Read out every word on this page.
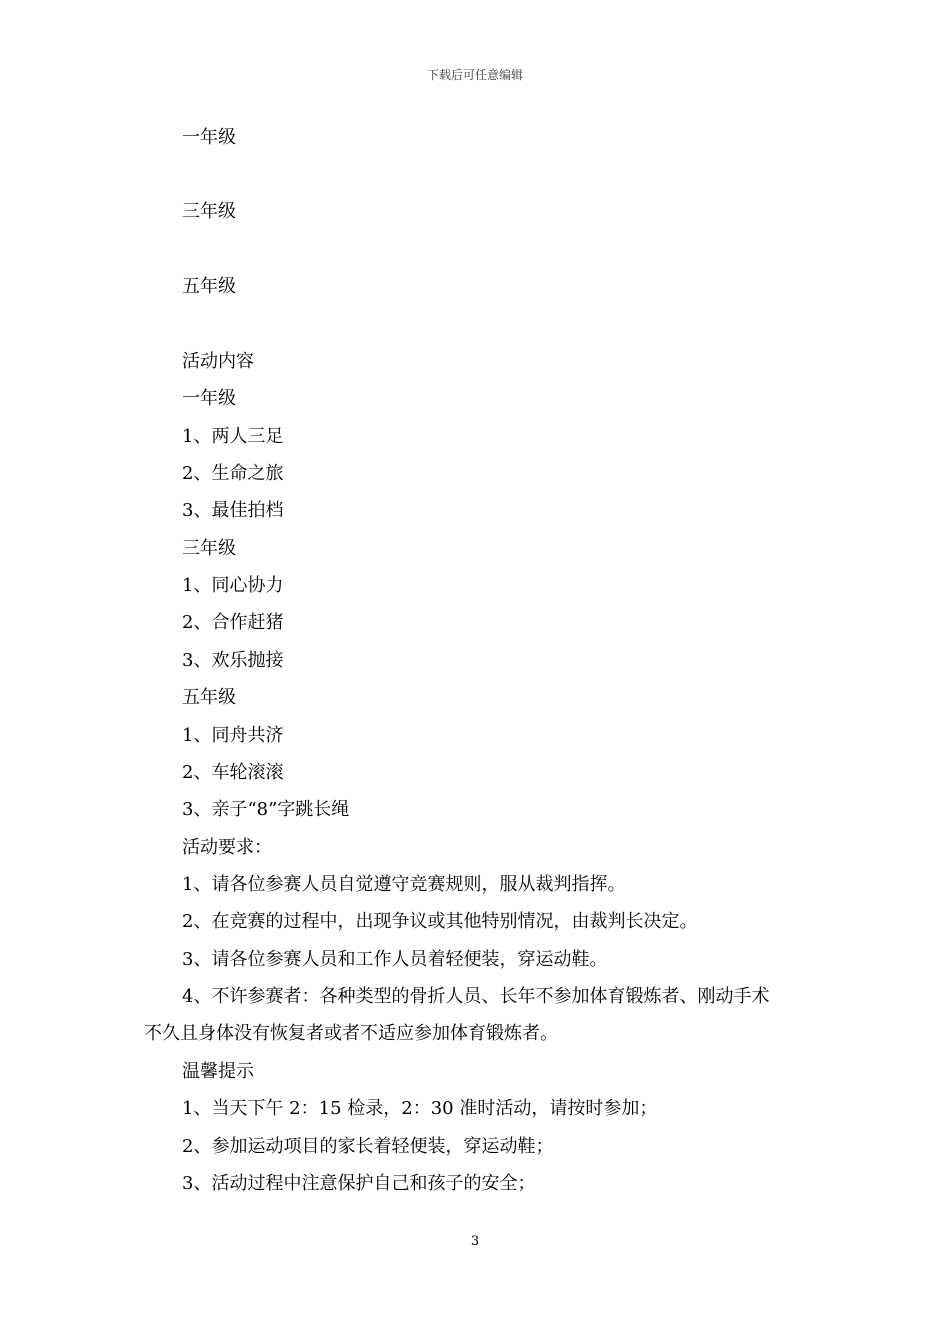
下载后可任意编辑
一年级
三年级
五年级
活动内容
一年级
1、两人三足
2、生命之旅
3、最佳拍档
三年级
1、同心协力
2、合作赶猪
3、欢乐抛接
五年级
1、同舟共济
2、车轮滚滚
3、亲子“8”字跳长绳
活动要求：
1、请各位参赛人员自觉遵守竞赛规则，服从裁判指挥。
2、在竞赛的过程中，出现争议或其他特别情况，由裁判长决定。
3、请各位参赛人员和工作人员着轻便装，穿运动鞋。
4、不许参赛者：各种类型的骨折人员、长年不参加体育锻炼者、刚动手术
不久且身体没有恢复者或者不适应参加体育锻炼者。
温馨提示
1、当天下午 2：15 检录，2：30 准时活动，请按时参加；
2、参加运动项目的家长着轻便装，穿运动鞋；
3、活动过程中注意保护自己和孩子的安全；
3
